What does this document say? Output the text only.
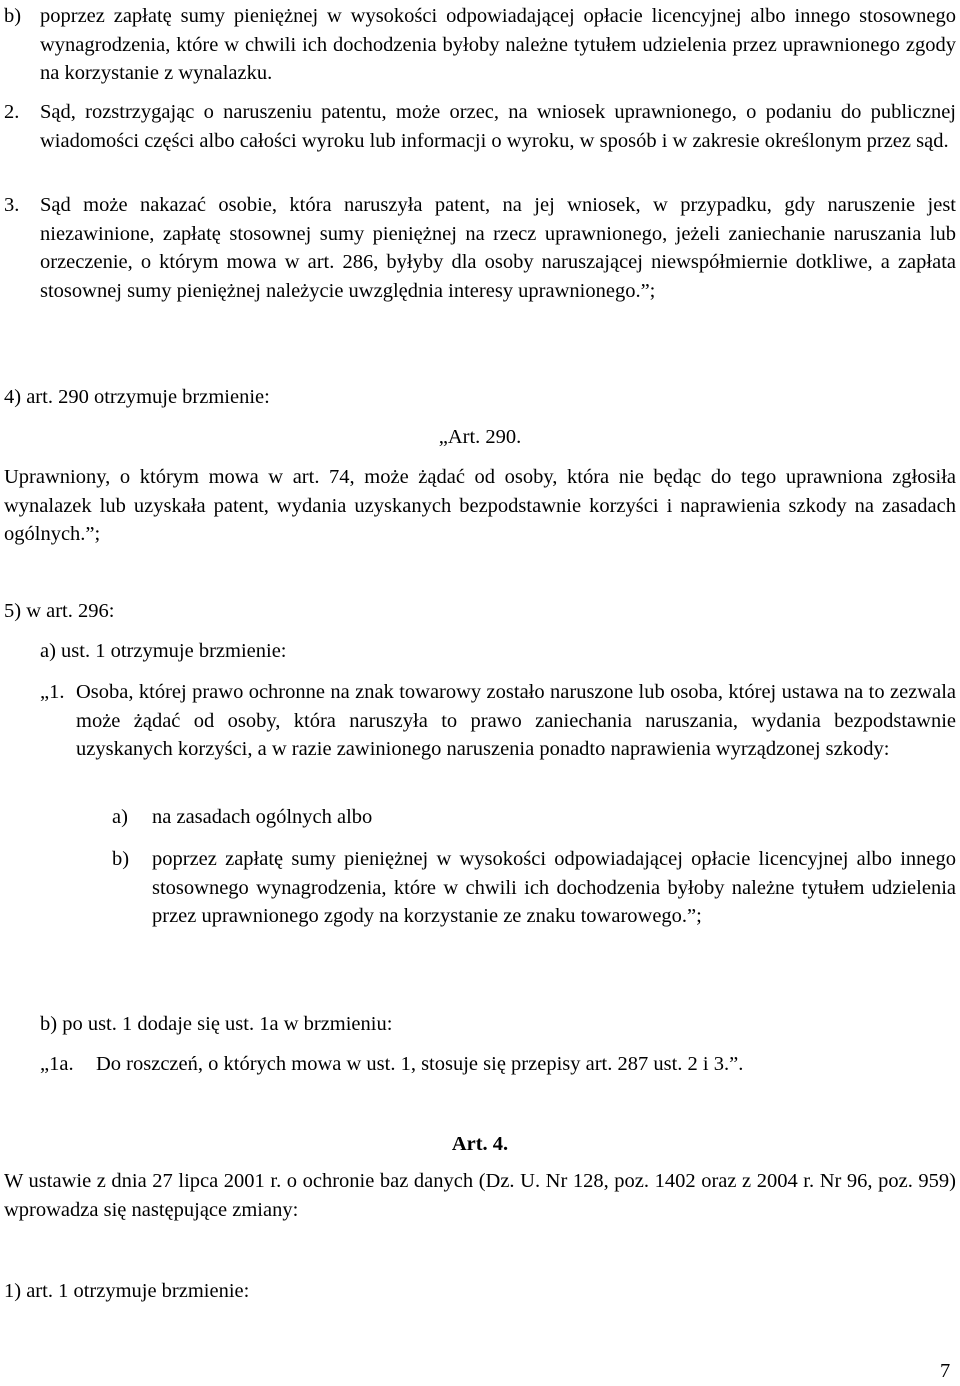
b) poprzez zapłatę sumy pieniężnej w wysokości odpowiadającej opłacie licencyjnej albo innego stosownego wynagrodzenia, które w chwili ich dochodzenia byłoby należne tytułem udzielenia przez uprawnionego zgody na korzystanie z wynalazku.
2.	Sąd, rozstrzygając o naruszeniu patentu, może orzec, na wniosek uprawnionego, o podaniu do publicznej wiadomości części albo całości wyroku lub informacji o wyroku, w sposób i w zakresie określonym przez sąd.
3.	Sąd może nakazać osobie, która naruszyła patent, na jej wniosek, w przypadku, gdy naruszenie jest niezawinione, zapłatę stosownej sumy pieniężnej na rzecz uprawnionego, jeżeli zaniechanie naruszania lub orzeczenie, o którym mowa w art. 286, byłyby dla osoby naruszającej niewspółmiernie dotkliwe, a zapłata stosownej sumy pieniężnej należycie uwzględnia interesy uprawnionego.”;

4) art. 290 otrzymuje brzmienie:

„Art. 290.

Uprawniony, o którym mowa w art. 74, może żądać od osoby, która nie będąc do tego uprawniona zgłosiła wynalazek lub uzyskała patent, wydania uzyskanych bezpodstawnie korzyści i naprawienia szkody na zasadach ogólnych.”;

5) w art. 296:

a) ust. 1 otrzymuje brzmienie:

„1. Osoba, której prawo ochronne na znak towarowy zostało naruszone lub osoba, której ustawa na to zezwala może żądać od osoby, która naruszyła to prawo zaniechania naruszania, wydania bezpodstawnie uzyskanych korzyści, a w razie zawinionego naruszenia ponadto naprawienia wyrządzonej szkody:
a)	na zasadach ogólnych albo
b)	poprzez zapłatę sumy pieniężnej w wysokości odpowiadającej opłacie licencyjnej albo innego stosownego wynagrodzenia, które w chwili ich dochodzenia byłoby należne tytułem udzielenia przez uprawnionego zgody na korzystanie ze znaku towarowego.”;

b) po ust. 1 dodaje się ust. 1a w brzmieniu:

„1a.	Do roszczeń, o których mowa w ust. 1, stosuje się przepisy art. 287 ust. 2 i 3.”.

Art. 4.

W ustawie z dnia 27 lipca 2001 r. o ochronie baz danych (Dz. U. Nr 128, poz. 1402 oraz z 2004 r. Nr 96, poz. 959) wprowadza się następujące zmiany:

1) art. 1 otrzymuje brzmienie:

7
